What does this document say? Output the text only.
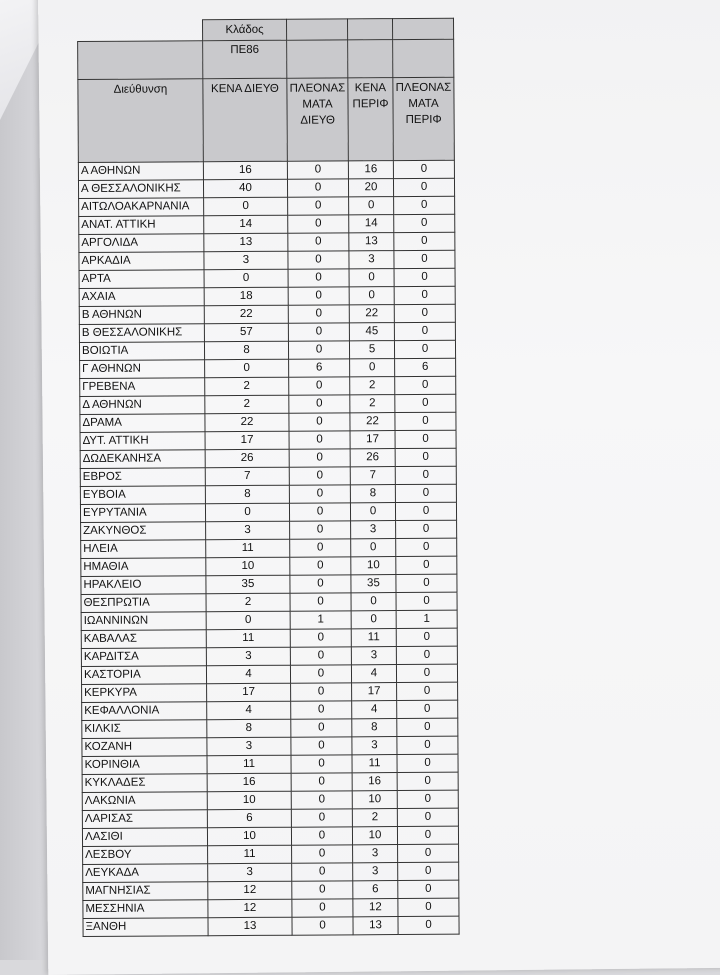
	Κλάδος			
	ΠΕ86			
Διεύθυνση	ΚΕΝΑ ΔΙΕΥΘ	ΠΛΕΟΝΑΣ ΜΑΤΑ ΔΙΕΥΘ	ΚΕΝΑ ΠΕΡΙΦ	ΠΛΕΟΝΑΣ ΜΑΤΑ ΠΕΡΙΦ
Α ΑΘΗΝΩΝ	16	0	16	0
Α ΘΕΣΣΑΛΟΝΙΚΗΣ	40	0	20	0
ΑΙΤΩΛΟΑΚΑΡΝΑΝΙΑ	0	0	0	0
ΑΝΑΤ. ΑΤΤΙΚΗ	14	0	14	0
ΑΡΓΟΛΙΔΑ	13	0	13	0
ΑΡΚΑΔΙΑ	3	0	3	0
ΑΡΤΑ	0	0	0	0
ΑΧΑΙΑ	18	0	0	0
Β ΑΘΗΝΩΝ	22	0	22	0
Β ΘΕΣΣΑΛΟΝΙΚΗΣ	57	0	45	0
ΒΟΙΩΤΙΑ	8	0	5	0
Γ ΑΘΗΝΩΝ	0	6	0	6
ΓΡΕΒΕΝΑ	2	0	2	0
Δ ΑΘΗΝΩΝ	2	0	2	0
ΔΡΑΜΑ	22	0	22	0
ΔΥΤ. ΑΤΤΙΚΗ	17	0	17	0
ΔΩΔΕΚΑΝΗΣΑ	26	0	26	0
ΕΒΡΟΣ	7	0	7	0
ΕΥΒΟΙΑ	8	0	8	0
ΕΥΡΥΤΑΝΙΑ	0	0	0	0
ΖΑΚΥΝΘΟΣ	3	0	3	0
ΗΛΕΙΑ	11	0	0	0
ΗΜΑΘΙΑ	10	0	10	0
ΗΡΑΚΛΕΙΟ	35	0	35	0
ΘΕΣΠΡΩΤΙΑ	2	0	0	0
ΙΩΑΝΝΙΝΩΝ	0	1	0	1
ΚΑΒΑΛΑΣ	11	0	11	0
ΚΑΡΔΙΤΣΑ	3	0	3	0
ΚΑΣΤΟΡΙΑ	4	0	4	0
ΚΕΡΚΥΡΑ	17	0	17	0
ΚΕΦΑΛΛΟΝΙΑ	4	0	4	0
ΚΙΛΚΙΣ	8	0	8	0
ΚΟΖΑΝΗ	3	0	3	0
ΚΟΡΙΝΘΙΑ	11	0	11	0
ΚΥΚΛΑΔΕΣ	16	0	16	0
ΛΑΚΩΝΙΑ	10	0	10	0
ΛΑΡΙΣΑΣ	6	0	2	0
ΛΑΣΙΘΙ	10	0	10	0
ΛΕΣΒΟΥ	11	0	3	0
ΛΕΥΚΑΔΑ	3	0	3	0
ΜΑΓΝΗΣΙΑΣ	12	0	6	0
ΜΕΣΣΗΝΙΑ	12	0	12	0
ΞΑΝΘΗ	13	0	13	0
